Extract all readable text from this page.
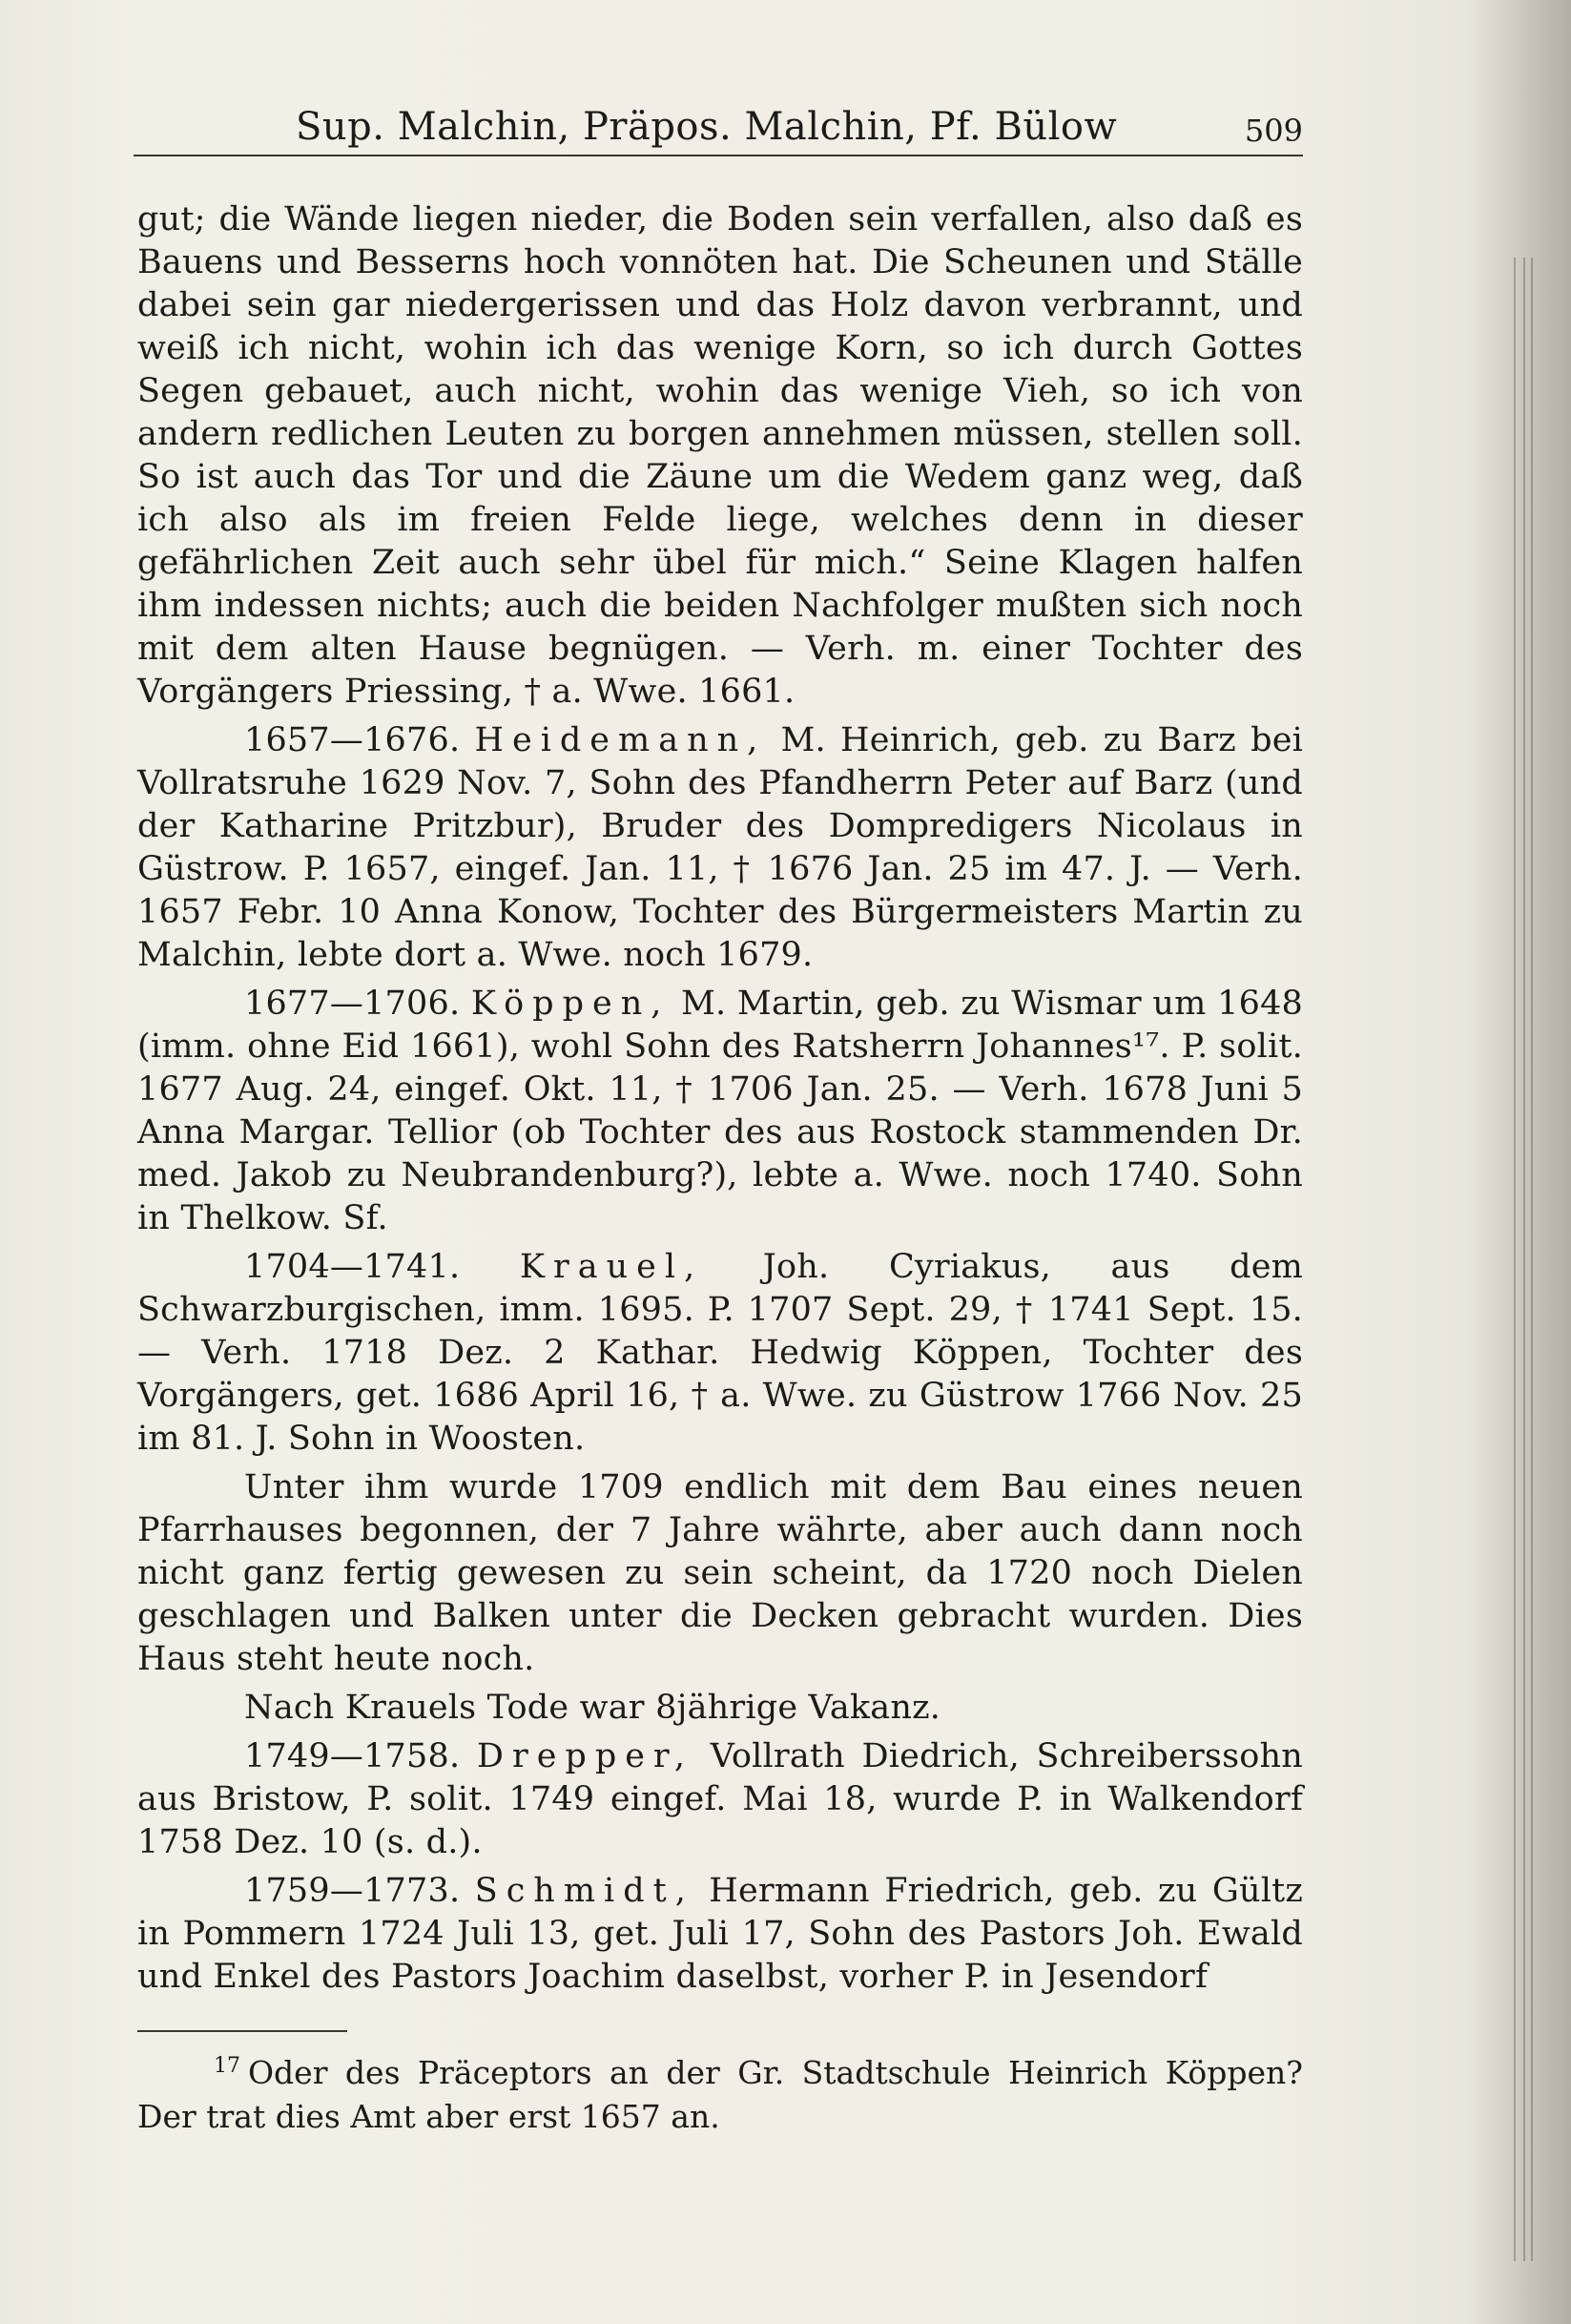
Sup. Malchin, Präpos. Malchin, Pf. Bülow	509

gut; die Wände liegen nieder, die Boden sein verfallen, also daß es Bauens und Besserns hoch vonnöten hat. Die Scheunen und Ställe dabei sein gar niedergerissen und das Holz davon verbrannt, und weiß ich nicht, wohin ich das wenige Korn, so ich durch Gottes Segen gebauet, auch nicht, wohin das wenige Vieh, so ich von andern redlichen Leuten zu borgen annehmen müssen, stellen soll. So ist auch das Tor und die Zäune um die Wedem ganz weg, daß ich also als im freien Felde liege, welches denn in dieser gefährlichen Zeit auch sehr übel für mich.“ Seine Klagen halfen ihm indessen nichts; auch die beiden Nachfolger mußten sich noch mit dem alten Hause begnügen. — Verh. m. einer Tochter des Vorgängers Priessing, † a. Wwe. 1661.

1657—1676. Heidemann, M. Heinrich, geb. zu Barz bei Vollratsruhe 1629 Nov. 7, Sohn des Pfandherrn Peter auf Barz (und der Katharine Pritzbur), Bruder des Dompredigers Nicolaus in Güstrow. P. 1657, eingef. Jan. 11, † 1676 Jan. 25 im 47. J. — Verh. 1657 Febr. 10 Anna Konow, Tochter des Bürgermeisters Martin zu Malchin, lebte dort a. Wwe. noch 1679.

1677—1706. Köppen, M. Martin, geb. zu Wismar um 1648 (imm. ohne Eid 1661), wohl Sohn des Ratsherrn Johannes¹⁷. P. solit. 1677 Aug. 24, eingef. Okt. 11, † 1706 Jan. 25. — Verh. 1678 Juni 5 Anna Margar. Tellior (ob Tochter des aus Rostock stammenden Dr. med. Jakob zu Neubrandenburg?), lebte a. Wwe. noch 1740. Sohn in Thelkow. Sf.

1704—1741. Krauel, Joh. Cyriakus, aus dem Schwarzburgischen, imm. 1695. P. 1707 Sept. 29, † 1741 Sept. 15. — Verh. 1718 Dez. 2 Kathar. Hedwig Köppen, Tochter des Vorgängers, get. 1686 April 16, † a. Wwe. zu Güstrow 1766 Nov. 25 im 81. J. Sohn in Woosten.

Unter ihm wurde 1709 endlich mit dem Bau eines neuen Pfarrhauses begonnen, der 7 Jahre währte, aber auch dann noch nicht ganz fertig gewesen zu sein scheint, da 1720 noch Dielen geschlagen und Balken unter die Decken gebracht wurden. Dies Haus steht heute noch.

Nach Krauels Tode war 8jährige Vakanz.

1749—1758. Drepper, Vollrath Diedrich, Schreiberssohn aus Bristow, P. solit. 1749 eingef. Mai 18, wurde P. in Walkendorf 1758 Dez. 10 (s. d.).

1759—1773. Schmidt, Hermann Friedrich, geb. zu Gültz in Pommern 1724 Juli 13, get. Juli 17, Sohn des Pastors Joh. Ewald und Enkel des Pastors Joachim daselbst, vorher P. in Jesendorf

$^{17}$ Oder des Präceptors an der Gr. Stadtschule Heinrich Köppen? Der trat dies Amt aber erst 1657 an.
